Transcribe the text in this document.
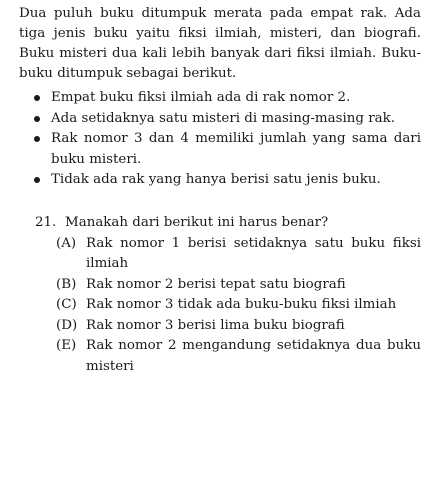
Dua puluh buku ditumpuk merata pada empat rak. Ada tiga jenis buku yaitu fiksi ilmiah, misteri, dan biografi. Buku misteri dua kali lebih banyak dari fiksi ilmiah. Buku-buku ditumpuk sebagai berikut.

Empat buku fiksi ilmiah ada di rak nomor 2.
Ada setidaknya satu misteri di masing-masing rak.
Rak nomor 3 dan 4 memiliki jumlah yang sama dari buku misteri.
Tidak ada rak yang hanya berisi satu jenis buku.
21. Manakah dari berikut ini harus benar?
(A) Rak nomor 1 berisi setidaknya satu buku fiksi ilmiah
(B) Rak nomor 2 berisi tepat satu biografi
(C) Rak nomor 3 tidak ada buku-buku fiksi ilmiah
(D) Rak nomor 3 berisi lima buku biografi
(E) Rak nomor 2 mengandung setidaknya dua buku misteri
